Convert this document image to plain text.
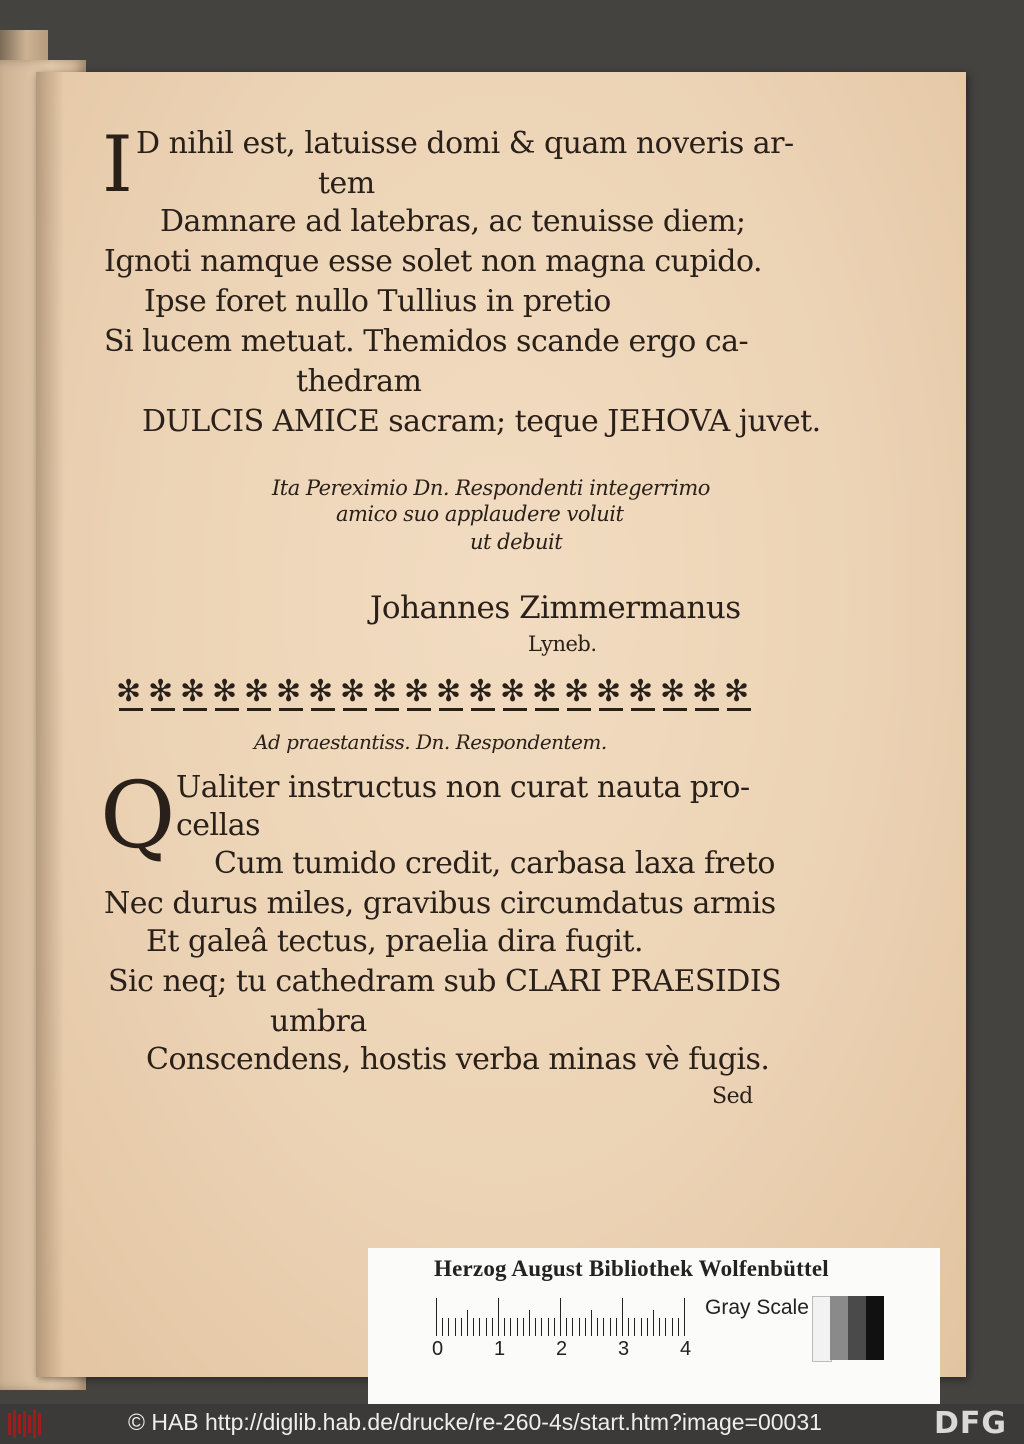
I D nihil est, latuisse domi & quam noveris ar-
tem
Damnare ad latebras, ac tenuisse diem;
Ignoti namque esse solet non magna cupido.
Ipse foret nullo Tullius in pretio
Si lucem metuat. Themidos scande ergo ca-
thedram
DULCIS AMICE sacram; teque JEHOVA juvet.
Ita Pereximio Dn. Respondenti integerrimo
amico suo applaudere voluit
ut debuit
Johannes Zimmermanus
Lyneb.
✻
✻
✻
✻
✻
✻
✻
✻
✻
✻
✻
✻
✻
✻
✻
✻
✻
✻
✻
✻
Ad praestantiss. Dn. Respondentem.
Q Ualiter instructus non curat nauta pro-
cellas
Cum tumido credit, carbasa laxa freto
Nec durus miles, gravibus circumdatus armis
Et galeâ tectus, praelia dira fugit.
Sic neq; tu cathedram sub CLARI PRAESIDIS
umbra
Conscendens, hostis verba minas vè fugis.
Sed
Herzog August Bibliothek Wolfenbüttel
Gray Scale
0	1	2	3	4
© HAB http://diglib.hab.de/drucke/re-260-4s/start.htm?image=00031	DFG
